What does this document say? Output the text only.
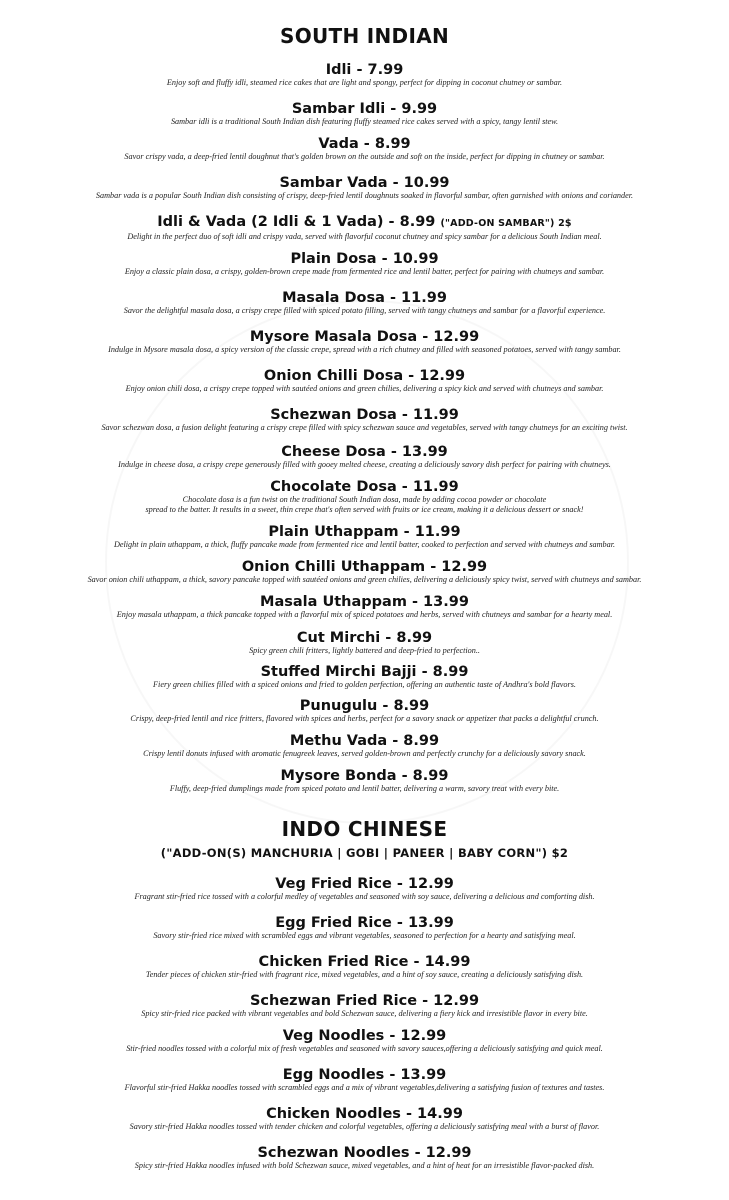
SOUTH INDIAN
Idli - 7.99
Enjoy soft and fluffy idli, steamed rice cakes that are light and spongy, perfect for dipping in coconut chutney or sambar.
Sambar Idli - 9.99
Sambar idli is a traditional South Indian dish featuring fluffy steamed rice cakes served with a spicy, tangy lentil stew.
Vada - 8.99
Savor crispy vada, a deep-fried lentil doughnut that's golden brown on the outside and soft on the inside, perfect for dipping in chutney or sambar.
Sambar Vada - 10.99
Sambar vada is a popular South Indian dish consisting of crispy, deep-fried lentil doughnuts soaked in flavorful sambar, often garnished with onions and coriander.
Idli & Vada (2 Idli & 1 Vada) - 8.99 ("ADD-ON SAMBAR") 2$
Delight in the perfect duo of soft idli and crispy vada, served with flavorful coconut chutney and spicy sambar for a delicious South Indian meal.
Plain Dosa - 10.99
Enjoy a classic plain dosa, a crispy, golden-brown crepe made from fermented rice and lentil batter, perfect for pairing with chutneys and sambar.
Masala Dosa - 11.99
Savor the delightful masala dosa, a crispy crepe filled with spiced potato filling, served with tangy chutneys and sambar for a flavorful experience.
Mysore Masala Dosa - 12.99
Indulge in Mysore masala dosa, a spicy version of the classic crepe, spread with a rich chutney and filled with seasoned potatoes, served with tangy sambar.
Onion Chilli Dosa - 12.99
Enjoy onion chili dosa, a crispy crepe topped with sautéed onions and green chilies, delivering a spicy kick and served with chutneys and sambar.
Schezwan Dosa - 11.99
Savor schezwan dosa, a fusion delight featuring a crispy crepe filled with spicy schezwan sauce and vegetables, served with tangy chutneys for an exciting twist.
Cheese Dosa - 13.99
Indulge in cheese dosa, a crispy crepe generously filled with gooey melted cheese, creating a deliciously savory dish perfect for pairing with chutneys.
Chocolate Dosa - 11.99
Chocolate dosa is a fun twist on the traditional South Indian dosa, made by adding cocoa powder or chocolate
spread to the batter. It results in a sweet, thin crepe that's often served with fruits or ice cream, making it a delicious dessert or snack!
Plain Uthappam - 11.99
Delight in plain uthappam, a thick, fluffy pancake made from fermented rice and lentil batter, cooked to perfection and served with chutneys and sambar.
Onion Chilli Uthappam - 12.99
Savor onion chili uthappam, a thick, savory pancake topped with sautéed onions and green chilies, delivering a deliciously spicy twist, served with chutneys and sambar.
Masala Uthappam - 13.99
Enjoy masala uthappam, a thick pancake topped with a flavorful mix of spiced potatoes and herbs, served with chutneys and sambar for a hearty meal.
Cut Mirchi - 8.99
Spicy green chili fritters, lightly battered and deep-fried to perfection..
Stuffed Mirchi Bajji - 8.99
Fiery green chilies filled with a spiced onions and fried to golden perfection, offering an authentic taste of Andhra's bold flavors.
Punugulu - 8.99
Crispy, deep-fried lentil and rice fritters, flavored with spices and herbs, perfect for a savory snack or appetizer that packs a delightful crunch.
Methu Vada - 8.99
Crispy lentil donuts infused with aromatic fenugreek leaves, served golden-brown and perfectly crunchy for a deliciously savory snack.
Mysore Bonda - 8.99
Fluffy, deep-fried dumplings made from spiced potato and lentil batter, delivering a warm, savory treat with every bite.
INDO CHINESE
("ADD-ON(S) MANCHURIA | GOBI | PANEER | BABY CORN") $2
Veg Fried Rice - 12.99
Fragrant stir-fried rice tossed with a colorful medley of vegetables and seasoned with soy sauce, delivering a delicious and comforting dish.
Egg Fried Rice - 13.99
Savory stir-fried rice mixed with scrambled eggs and vibrant vegetables, seasoned to perfection for a hearty and satisfying meal.
Chicken Fried Rice - 14.99
Tender pieces of chicken stir-fried with fragrant rice, mixed vegetables, and a hint of soy sauce, creating a deliciously satisfying dish.
Schezwan Fried Rice - 12.99
Spicy stir-fried rice packed with vibrant vegetables and bold Schezwan sauce, delivering a fiery kick and irresistible flavor in every bite.
Veg Noodles - 12.99
Stir-fried noodles tossed with a colorful mix of fresh vegetables and seasoned with savory sauces,offering a deliciously satisfying and quick meal.
Egg Noodles - 13.99
Flavorful stir-fried Hakka noodles tossed with scrambled eggs and a mix of vibrant vegetables,delivering a satisfying fusion of textures and tastes.
Chicken Noodles - 14.99
Savory stir-fried Hakka noodles tossed with tender chicken and colorful vegetables, offering a deliciously satisfying meal with a burst of flavor.
Schezwan Noodles - 12.99
Spicy stir-fried Hakka noodles infused with bold Schezwan sauce, mixed vegetables, and a hint of heat for an irresistible flavor-packed dish.
